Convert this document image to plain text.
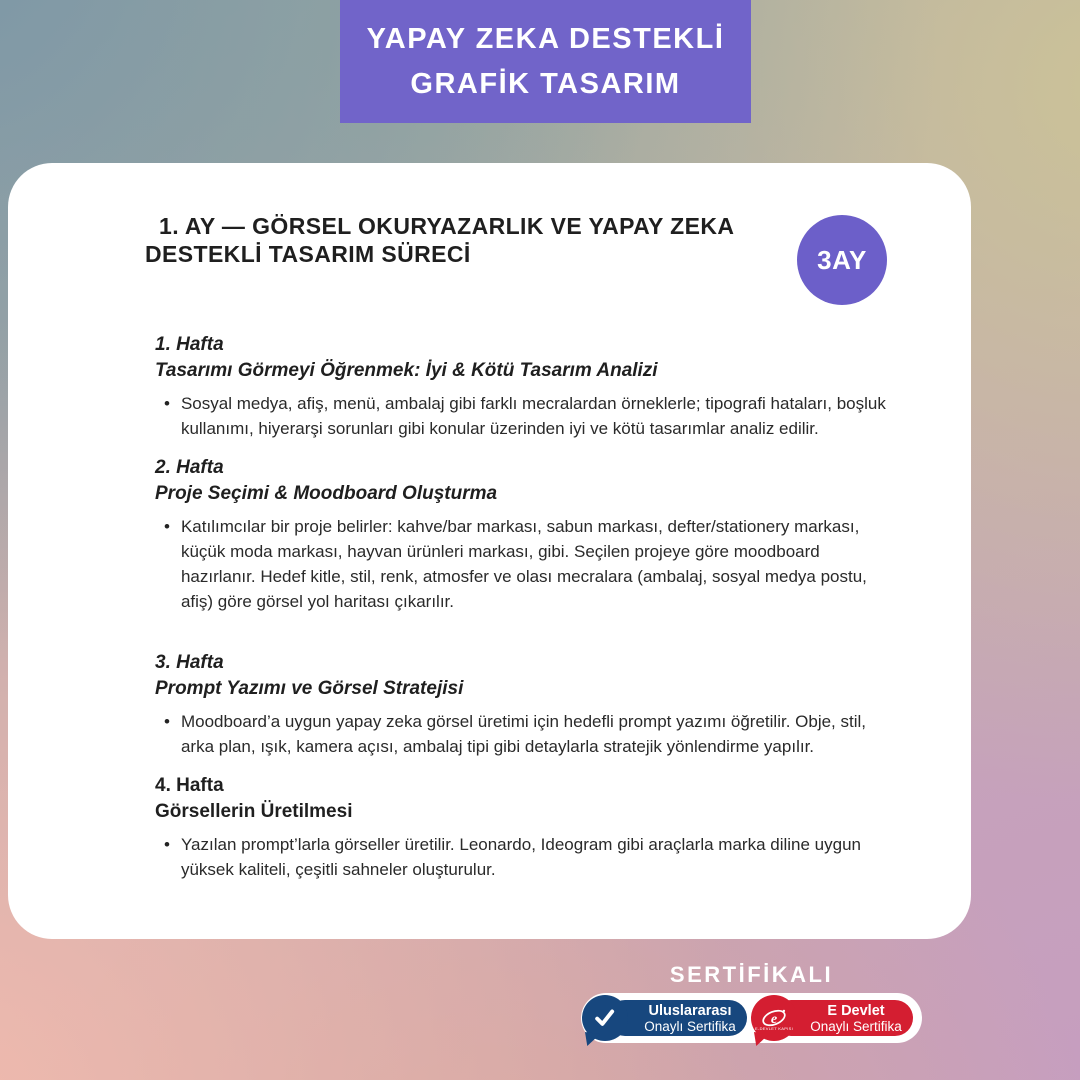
YAPAY ZEKA DESTEKLİ
GRAFİK TASARIM
1. AY — GÖRSEL OKURYAZARLIK VE YAPAY ZEKA
DESTEKLİ TASARIM SÜRECİ	3AY
1. Hafta
Tasarımı Görmeyi Öğrenmek: İyi & Kötü Tasarım Analizi
• Sosyal medya, afiş, menü, ambalaj gibi farklı mecralardan örneklerle; tipografi hataları, boşluk kullanımı, hiyerarşi sorunları gibi konular üzerinden iyi ve kötü tasarımlar analiz edilir.
2. Hafta
Proje Seçimi & Moodboard Oluşturma
• Katılımcılar bir proje belirler: kahve/bar markası, sabun markası, defter/stationery markası, küçük moda markası, hayvan ürünleri markası, gibi. Seçilen projeye göre moodboard hazırlanır. Hedef kitle, stil, renk, atmosfer ve olası mecralara (ambalaj, sosyal medya postu, afiş) göre görsel yol haritası çıkarılır.
3. Hafta
Prompt Yazımı ve Görsel Stratejisi
• Moodboard’a uygun yapay zeka görsel üretimi için hedefli prompt yazımı öğretilir. Obje, stil, arka plan, ışık, kamera açısı, ambalaj tipi gibi detaylarla stratejik yönlendirme yapılır.
4. Hafta
Görsellerin Üretilmesi
• Yazılan prompt’larla görseller üretilir. Leonardo, Ideogram gibi araçlarla marka diline uygun yüksek kaliteli, çeşitli sahneler oluşturulur.
SERTİFİKALI
Uluslararası
Onaylı Sertifika
E Devlet
Onaylı Sertifika
e
E-DEVLET KAPISI
